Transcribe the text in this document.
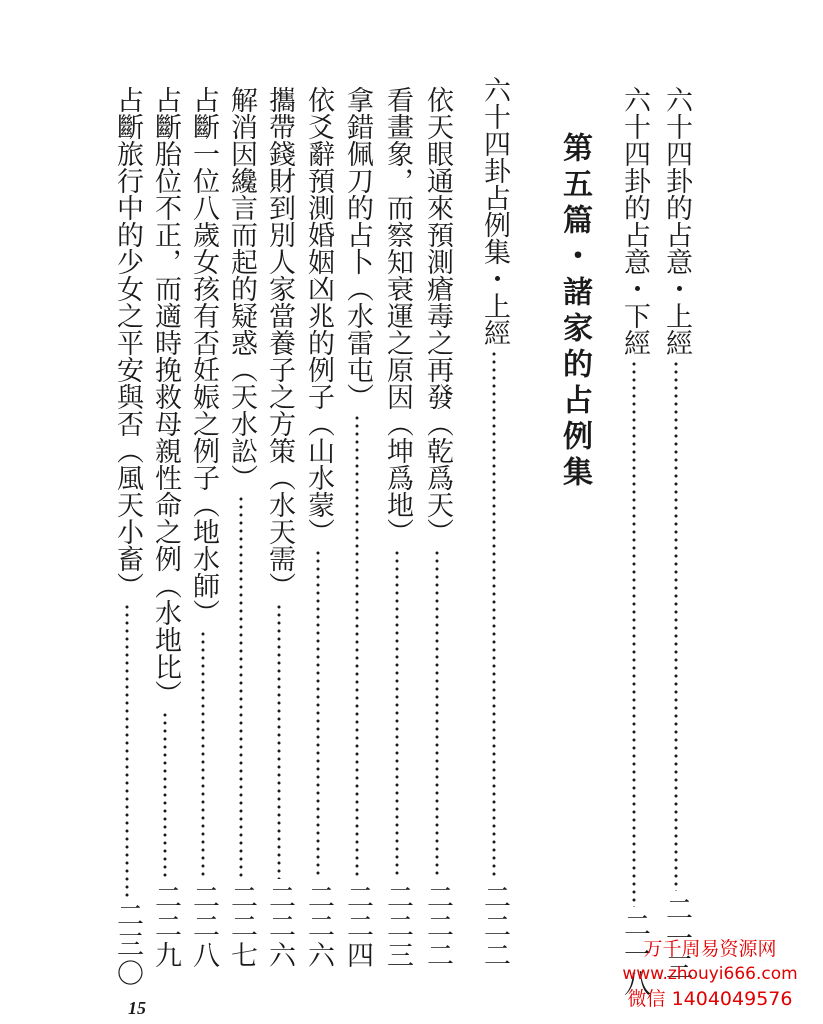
六十四卦的占意・上經
二一三
六十四卦的占意・下經
二一八
第五篇・諸家的占例集
六十四卦占例集・上經
二二二
依天眼通來預測瘡毒之再發（乾爲天）
二二二
看畫象，而察知衰運之原因（坤爲地）
二二三
拿錯佩刀的占卜（水雷屯）
二二四
依爻辭預測婚姻凶兆的例子（山水蒙）
二二六
攜帶錢財到別人家當養子之方策（水天需）
二二六
解消因纔言而起的疑惑（天水訟）
二二七
占斷一位八歲女孩有否妊娠之例子（地水師）
二二八
占斷胎位不正，而適時挽救母親性命之例（水地比）
二二九
占斷旅行中的少女之平安與否（風天小畜）
二三〇
15
万千周易资源网
www.zhouyi666.com
微信 1404049576
